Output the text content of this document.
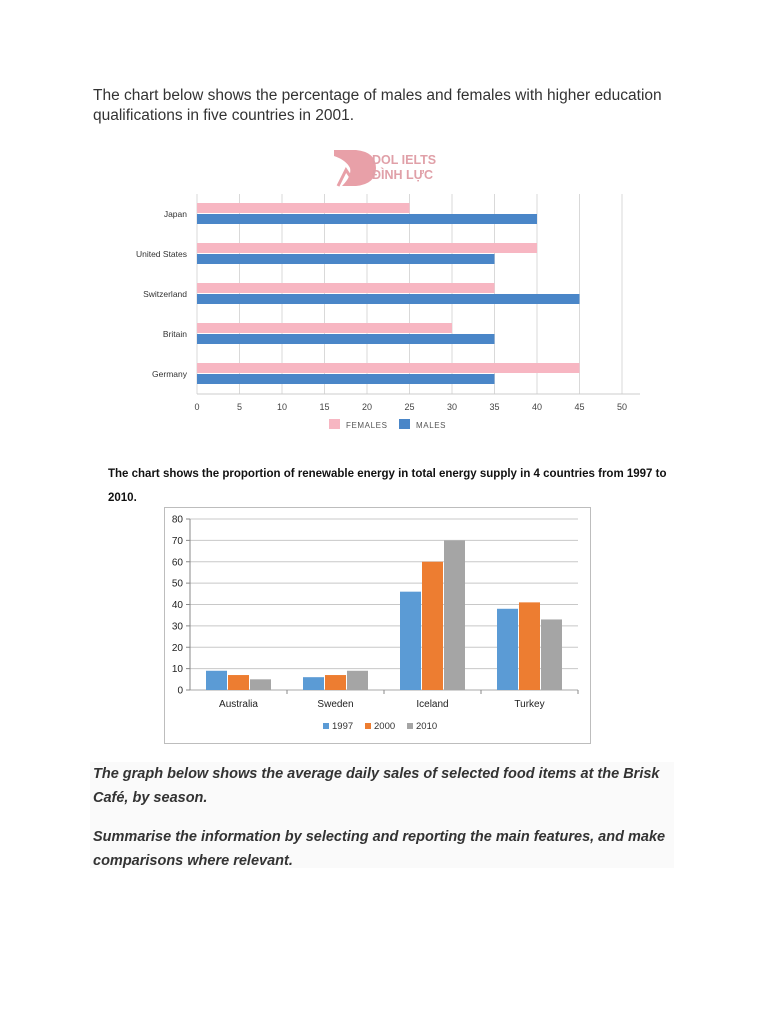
The chart below shows the percentage of males and females with higher education qualifications in five countries in 2001.

DOL IELTS
ĐÌNH LỰC
Japan
United States
Switzerland
Britain
Germany
0	5	10	15	20	25	30	35	40	45	50
FEMALES	MALES

The chart shows the proportion of renewable energy in total energy supply in 4 countries from 1997 to 2010.

Australia	Sweden	Iceland	Turkey
0
10
20
30
40
50
60
70
80
1997 2000 2010

The graph below shows the average daily sales of selected food items at the Brisk Café, by season.

Summarise the information by selecting and reporting the main features, and make comparisons where relevant.
